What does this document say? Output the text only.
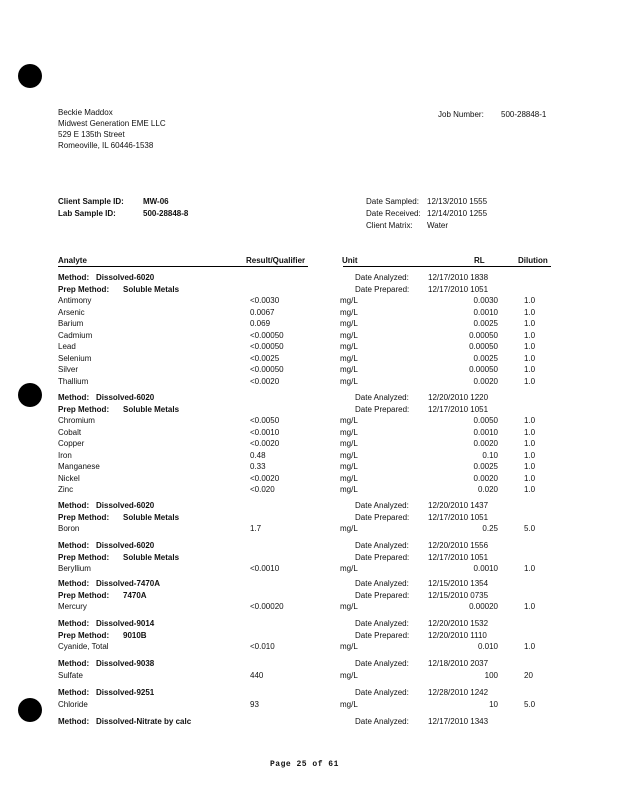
Beckie Maddox
Midwest Generation EME LLC
529 E 135th Street
Romeoville, IL 60446-1538
Job Number: 500-28848-1
Client Sample ID: MW-06
Lab Sample ID:	500-28848-8
Date Sampled: 12/13/2010 1555
Date Received: 12/14/2010 1255
Client Matrix: Water
Analyte	Result/Qualifier	Unit	RL	Dilution
Method: Dissolved-6020	Date Analyzed: 12/17/2010 1838
Prep Method: Soluble Metals	Date Prepared: 12/17/2010 1051
Antimony	<0.0030	mg/L	0.0030	1.0
Arsenic	0.0067	mg/L	0.0010	1.0
Barium	0.069	mg/L	0.0025	1.0
Cadmium	<0.00050	mg/L	0.00050	1.0
Lead	<0.00050	mg/L	0.00050	1.0
Selenium	<0.0025	mg/L	0.0025	1.0
Silver	<0.00050	mg/L	0.00050	1.0
Thallium	<0.0020	mg/L	0.0020	1.0
Method: Dissolved-6020	Date Analyzed: 12/20/2010 1220
Prep Method: Soluble Metals	Date Prepared: 12/17/2010 1051
Chromium	<0.0050	mg/L	0.0050	1.0
Cobalt	<0.0010	mg/L	0.0010	1.0
Copper	<0.0020	mg/L	0.0020	1.0
Iron	0.48	mg/L	0.10	1.0
Manganese	0.33	mg/L	0.0025	1.0
Nickel	<0.0020	mg/L	0.0020	1.0
Zinc	<0.020	mg/L	0.020	1.0
Method: Dissolved-6020	Date Analyzed: 12/20/2010 1437
Prep Method: Soluble Metals	Date Prepared: 12/17/2010 1051
Boron	1.7	mg/L	0.25	5.0
Method: Dissolved-6020	Date Analyzed: 12/20/2010 1556
Prep Method: Soluble Metals	Date Prepared: 12/17/2010 1051
Beryllium	<0.0010	mg/L	0.0010	1.0
Method: Dissolved-7470A	Date Analyzed: 12/15/2010 1354
Prep Method: 7470A	Date Prepared: 12/15/2010 0735
Mercury	<0.00020	mg/L	0.00020	1.0
Method: Dissolved-9014	Date Analyzed: 12/20/2010 1532
Prep Method: 9010B	Date Prepared: 12/20/2010 1110
Cyanide, Total	<0.010	mg/L	0.010	1.0
Method: Dissolved-9038	Date Analyzed: 12/18/2010 2037
Sulfate	440	mg/L	100	20
Method: Dissolved-9251	Date Analyzed: 12/28/2010 1242
Chloride	93	mg/L	10	5.0
Method: Dissolved-Nitrate by calc	Date Analyzed: 12/17/2010 1343
Page 25 of 61
